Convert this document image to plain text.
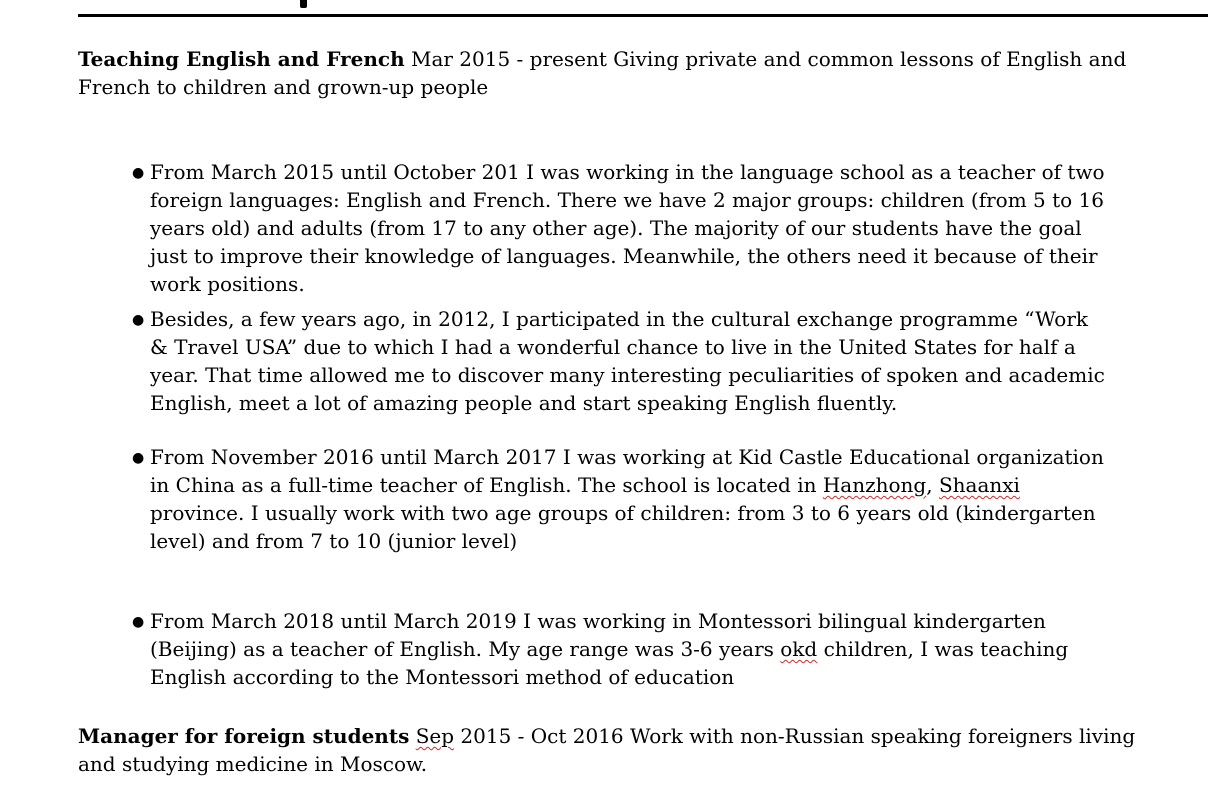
Teaching English and French Mar 2015 - present Giving private and common lessons of English and French to children and grown-up people

● From March 2015 until October 201 I was working in the language school as a teacher of two foreign languages: English and French. There we have 2 major groups: children (from 5 to 16 years old) and adults (from 17 to any other age). The majority of our students have the goal just to improve their knowledge of languages. Meanwhile, the others need it because of their work positions.
● Besides, a few years ago, in 2012, I participated in the cultural exchange programme “Work & Travel USA” due to which I had a wonderful chance to live in the United States for half a year. That time allowed me to discover many interesting peculiarities of spoken and academic English, meet a lot of amazing people and start speaking English fluently.
● From November 2016 until March 2017 I was working at Kid Castle Educational organization in China as a full-time teacher of English. The school is located in Hanzhong, Shaanxi province. I usually work with two age groups of children: from 3 to 6 years old (kindergarten level) and from 7 to 10 (junior level)
● From March 2018 until March 2019 I was working in Montessori bilingual kindergarten (Beijing) as a teacher of English. My age range was 3-6 years okd children, I was teaching English according to the Montessori method of education

Manager for foreign students Sep 2015 - Oct 2016 Work with non-Russian speaking foreigners living and studying medicine in Moscow.
